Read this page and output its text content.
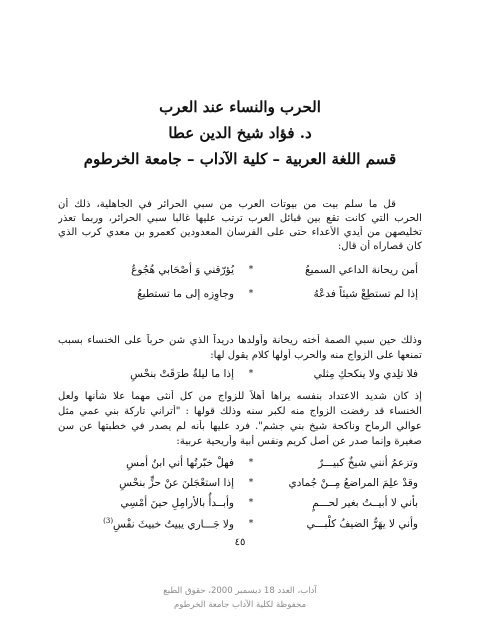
الحرب والنساء عند العرب
د. فؤاد شيخ الدين عطا
قسم اللغة العربية – كلية الآداب – جامعة الخرطوم
قل ما سلم بيت من بيوتات العرب من سبي الحرائر في الجاهلية، ذلك أن
الحرب التي كانت تقع بين قبائل العرب ترتب عليها غالبا سبي الحرائر، وربما تعذر
تخليصهن من أيدي الأعداء حتى على الفرسان المعدودين كعمرو بن معدي كرب الذي
كان قصاراه أن قال:
أمن ريحانة الداعي السميعُ
*
يُؤرّقني وَ أصْحَابي هُجُوعُ
إذا لم تستطِعْ شيئاً فدعْهُ
*
وجاوِزه إلى ما تستطيعُ
وذلك حين سبي الصمة أخته ريحانة وأولدها دريداً الذي شن حرباً على الخنساء بسبب
تمنعها على الزواج منه والحرب أولها كلام يقول لها:
فلا تلِدي ولا ينكحكِ مِثلي
*
إذا ما ليلةٌ طرَقَتْ بنحْسِ
إذ كان شديد الاعتداد بنفسه يراها أهلاً للزواج من كل أنثى مهما علا شأنها ولعل
الخنساء قد رفضت الزواج منه لكبر سنه وذلك قولها : "أتراني تاركة بني عمي مثل
عوالي الرماح وناكحة شيخ بني جشم". فرد عليها بأنه لم يصدر في خطبتها عن سن
صغيرة وإنما صدر عن أصل كريم ونفس أبية وأريحية عربية:
وتزعمُ أنني شيخٌ كبيـــرٌ
*
فهلْ خبّرتُها أني ابنُ أمسِ
وقدْ علِمَ المراضعُ مِــنْ جُمادي
*
إذا استعْجَلنَ عنْ حزٍّ بنحْسِ
بأني لا أبيــتُ بغير لحـــمٍ
*
وأبــدأُ بالأرامِلِ حينَ أمْسِي
وأني لا يهَرُّ الضيفُ كلْبـــي
*
ولا جَـــاري يبيتُ خبيثَ نفْسِ$^{(3)}$
٤٥
آداب، العدد 18 ديسمبر 2000، حقوق الطبع
محفوظة لكلية الآداب جامعة الخرطوم
